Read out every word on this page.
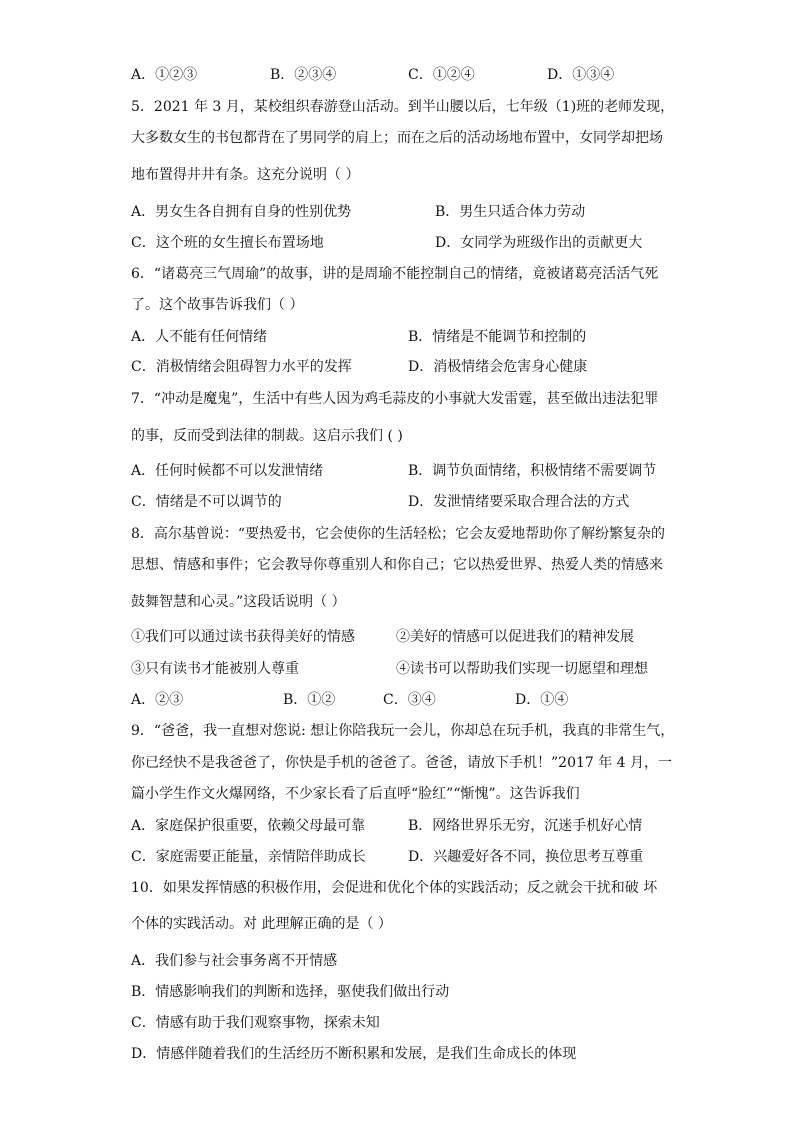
A．①②③	B．②③④	C．①②④	D．①③④
5．2021 年 3 月，某校组织春游登山活动。到半山腰以后，七年级（1)班的老师发现，
大多数女生的书包都背在了男同学的肩上；而在之后的活动场地布置中，女同学却把场
地布置得井井有条。这充分说明（ ）
A．男女生各自拥有自身的性别优势	B．男生只适合体力劳动
C．这个班的女生擅长布置场地	D．女同学为班级作出的贡献更大
6．“诸葛亮三气周瑜”的故事，讲的是周瑜不能控制自己的情绪，竟被诸葛亮活活气死
了。这个故事告诉我们（ ）
A．人不能有任何情绪	B．情绪是不能调节和控制的
C．消极情绪会阻碍智力水平的发挥	D．消极情绪会危害身心健康
7．“冲动是魔鬼”，生活中有些人因为鸡毛蒜皮的小事就大发雷霆，甚至做出违法犯罪
的事，反而受到法律的制裁。这启示我们 ( )
A．任何时候都不可以发泄情绪	B．调节负面情绪，积极情绪不需要调节
C．情绪是不可以调节的	D．发泄情绪要采取合理合法的方式
8．高尔基曾说：“要热爱书，它会使你的生活轻松；它会友爱地帮助你了解纷繁复杂的
思想、情感和事件；它会教导你尊重别人和你自己；它以热爱世界、热爱人类的情感来
鼓舞智慧和心灵。”这段话说明（ ）
①我们可以通过读书获得美好的情感	②美好的情感可以促进我们的精神发展
③只有读书才能被别人尊重	④读书可以帮助我们实现一切愿望和理想
A．②③	B．①②	C．③④	D．①④
9．“爸爸，我一直想对您说: 想让你陪我玩一会儿，你却总在玩手机，我真的非常生气，
你已经快不是我爸爸了，你快是手机的爸爸了。爸爸，请放下手机！”2017 年 4 月，一
篇小学生作文火爆网络，不少家长看了后直呼“脸红”“惭愧”。这告诉我们
A．家庭保护很重要，依赖父母最可靠	B．网络世界乐无穷，沉迷手机好心情
C．家庭需要正能量，亲情陪伴助成长	D．兴趣爱好各不同，换位思考互尊重
10．如果发挥情感的积极作用，会促进和优化个体的实践活动；反之就会干扰和破 坏
个体的实践活动。对 此理解正确的是（ ）
A．我们参与社会事务离不开情感
B．情感影响我们的判断和选择，驱使我们做出行动
C．情感有助于我们观察事物，探索未知
D．情感伴随着我们的生活经历不断积累和发展，是我们生命成长的体现
